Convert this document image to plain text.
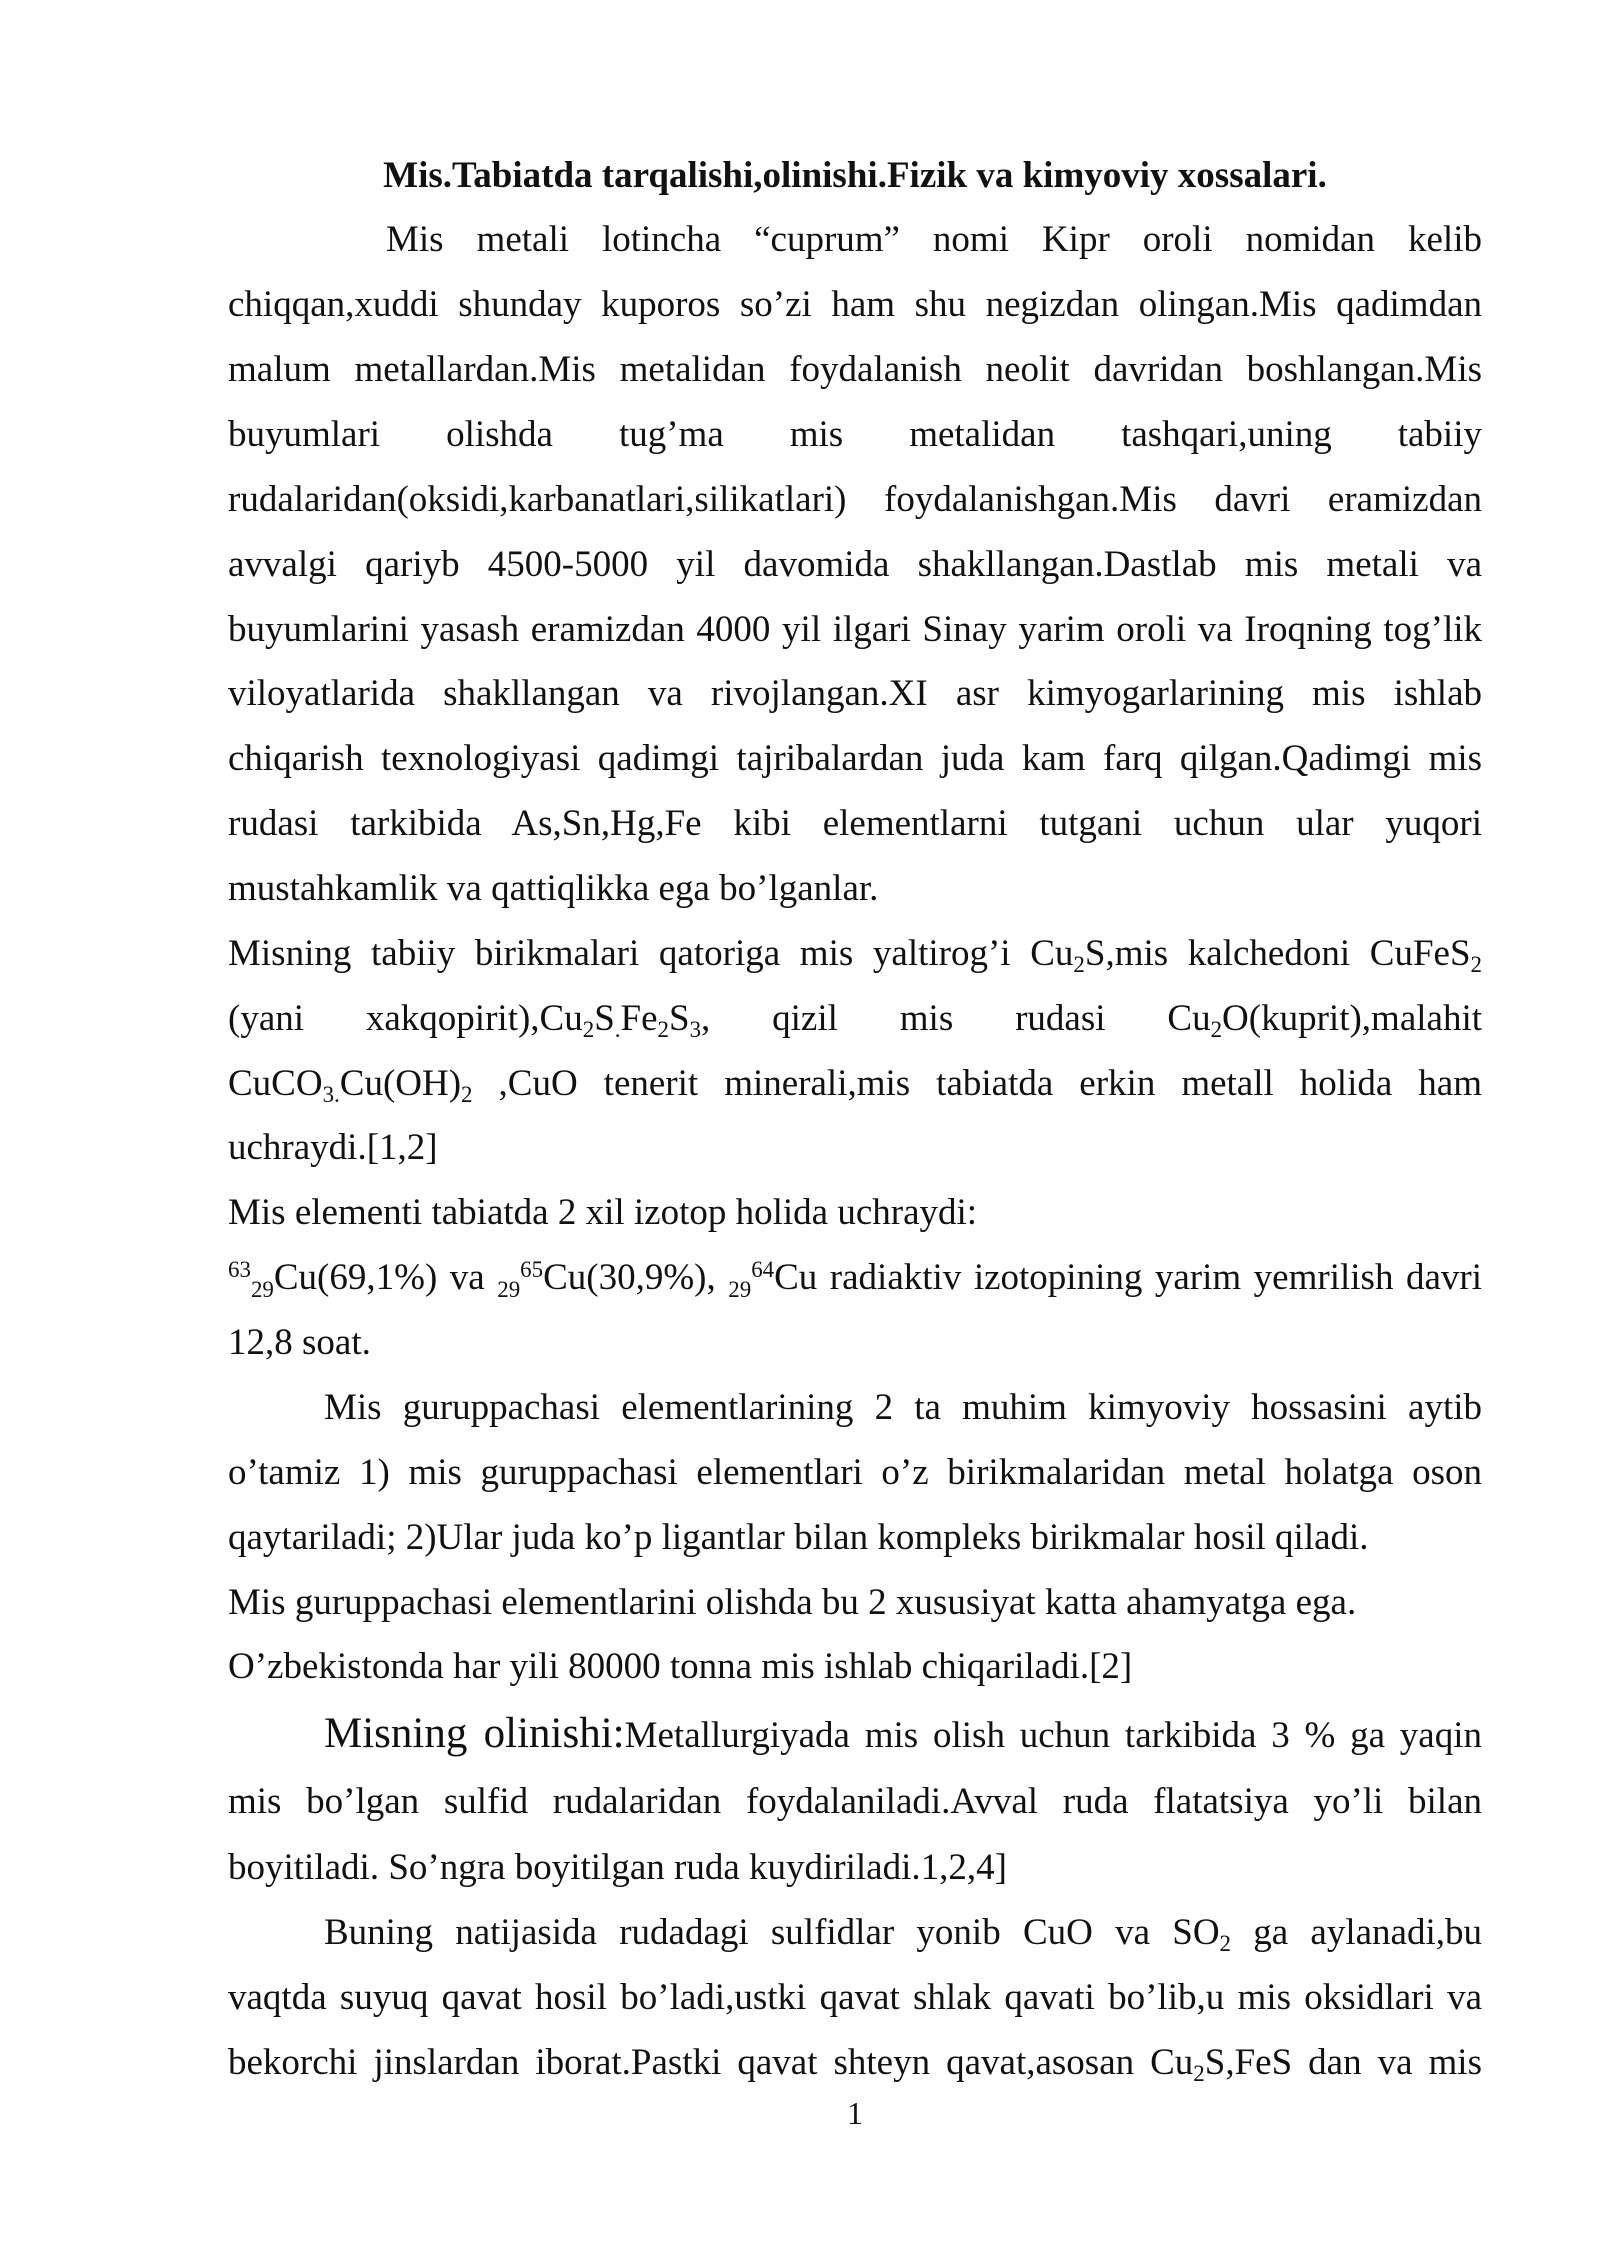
Mis.Tabiatda tarqalishi,olinishi.Fizik va kimyoviy xossalari.
Mis metali lotincha “cuprum” nomi Kipr oroli nomidan kelib
chiqqan,xuddi shunday kuporos so’zi ham shu negizdan olingan.Mis qadimdan
malum metallardan.Mis metalidan foydalanish neolit davridan boshlangan.Mis
buyumlari olishda tug’ma mis metalidan tashqari,uning tabiiy
rudalaridan(oksidi,karbanatlari,silikatlari) foydalanishgan.Mis davri eramizdan
avvalgi qariyb 4500-5000 yil davomida shakllangan.Dastlab mis metali va
buyumlarini yasash eramizdan 4000 yil ilgari Sinay yarim oroli va Iroqning tog’lik
viloyatlarida shakllangan va rivojlangan.XI asr kimyogarlarining mis ishlab
chiqarish texnologiyasi qadimgi tajribalardan juda kam farq qilgan.Qadimgi mis
rudasi tarkibida As,Sn,Hg,Fe kibi elementlarni tutgani uchun ular yuqori
mustahkamlik va qattiqlikka ega bo’lganlar.
Misning tabiiy birikmalari qatoriga mis yaltirog’i Cu2S,mis kalchedoni CuFeS2
(yani xakqopirit),Cu2S.Fe2S3, qizil mis rudasi Cu2O(kuprit),malahit
CuCO3.Cu(OH)2 ,CuO tenerit minerali,mis tabiatda erkin metall holida ham
uchraydi.[1,2]
Mis elementi tabiatda 2 xil izotop holida uchraydi:
$^{63}$29Cu(69,1%) va $29^{65}Cu(30,9\%)$, $29^{64}Cu$ radiaktiv izotopining yarim yemrilish davri
12,8 soat.
Mis guruppachasi elementlarining 2 ta muhim kimyoviy hossasini aytib
o’tamiz 1) mis guruppachasi elementlari o’z birikmalaridan metal holatga oson
qaytariladi; 2)Ular juda ko’p ligantlar bilan kompleks birikmalar hosil qiladi.
Mis guruppachasi elementlarini olishda bu 2 xususiyat katta ahamyatga ega.
O’zbekistonda har yili 80000 tonna mis ishlab chiqariladi.[2]
Misning olinishi:Metallurgiyada mis olish uchun tarkibida 3 % ga yaqin
mis bo’lgan sulfid rudalaridan foydalaniladi.Avval ruda flatatsiya yo’li bilan
boyitiladi. So’ngra boyitilgan ruda kuydiriladi.1,2,4]
Buning natijasida rudadagi sulfidlar yonib CuO va SO2 ga aylanadi,bu
vaqtda suyuq qavat hosil bo’ladi,ustki qavat shlak qavati bo’lib,u mis oksidlari va
bekorchi jinslardan iborat.Pastki qavat shteyn qavat,asosan Cu2S,FeS dan va mis
1
